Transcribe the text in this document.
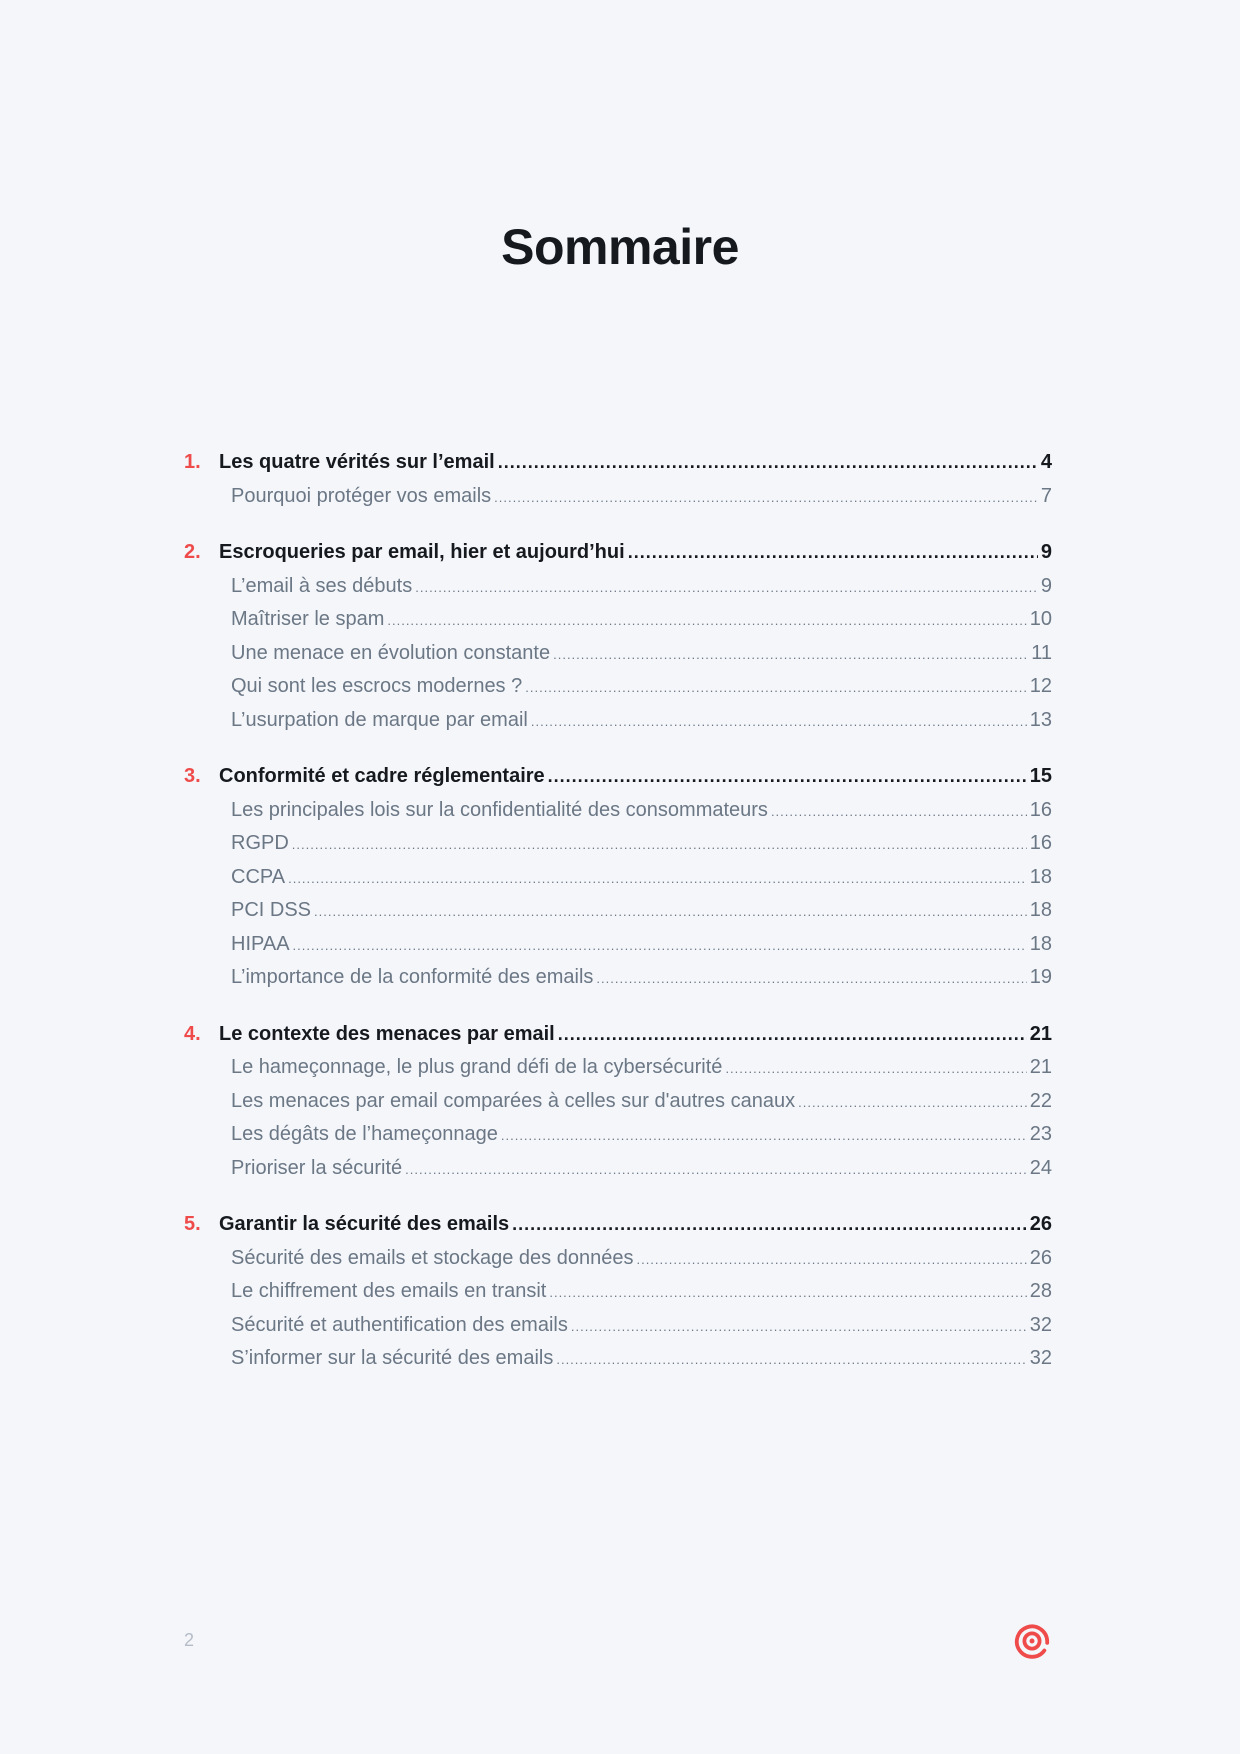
Sommaire
1. Les quatre vérités sur l’email .....	4
Pourquoi protéger vos emails .....	7
2. Escroqueries par email, hier et aujourd’hui .....	9
L’email à ses débuts .....	9
Maîtriser le spam .....	10
Une menace en évolution constante .....	11
Qui sont les escrocs modernes ? .....	12
L’usurpation de marque par email .....	13
3. Conformité et cadre réglementaire .....	15
Les principales lois sur la confidentialité des consommateurs .....	16
RGPD .....	16
CCPA .....	18
PCI DSS .....	18
HIPAA .....	18
L’importance de la conformité des emails .....	19
4. Le contexte des menaces par email .....	21
Le hameçonnage, le plus grand défi de la cybersécurité .....	21
Les menaces par email comparées à celles sur d'autres canaux .....	22
Les dégâts de l’hameçonnage .....	23
Prioriser la sécurité .....	24
5. Garantir la sécurité des emails .....	26
Sécurité des emails et stockage des données .....	26
Le chiffrement des emails en transit .....	28
Sécurité et authentification des emails .....	32
S’informer sur la sécurité des emails .....	32
2
